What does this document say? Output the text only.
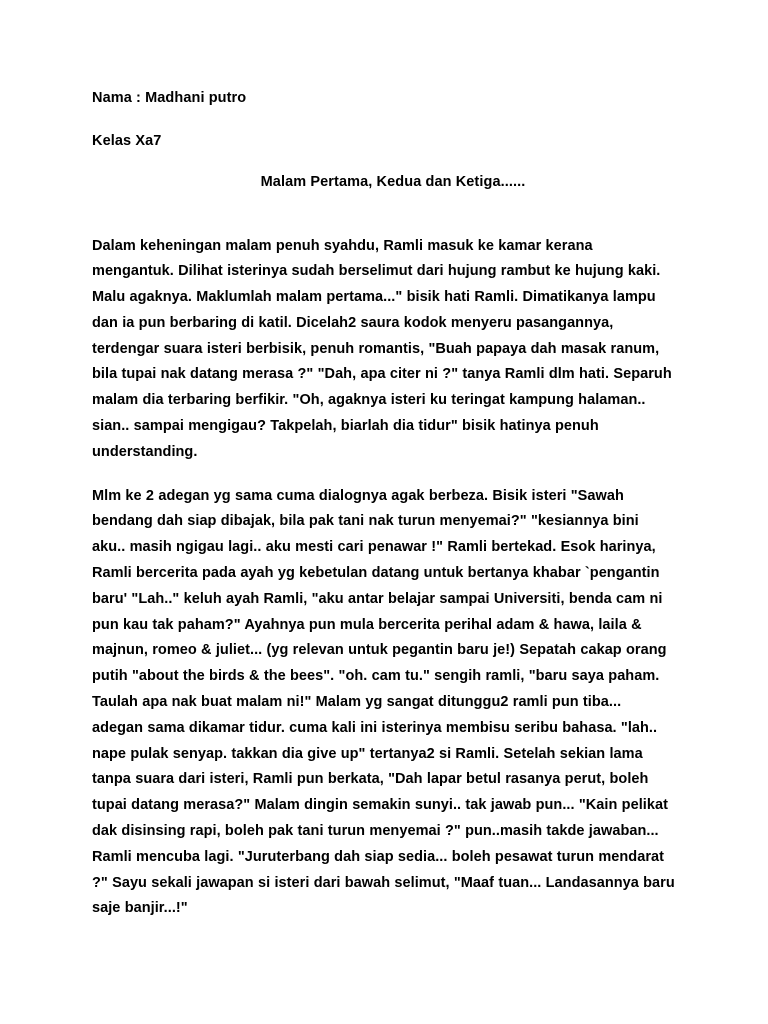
Nama : Madhani putro

Kelas Xa7

Malam Pertama, Kedua dan Ketiga......

Dalam keheningan malam penuh syahdu, Ramli masuk ke kamar kerana mengantuk. Dilihat isterinya sudah berselimut dari hujung rambut ke hujung kaki. Malu agaknya. Maklumlah malam pertama..." bisik hati Ramli. Dimatikanya lampu dan ia pun berbaring di katil. Dicelah2 saura kodok menyeru pasangannya, terdengar suara isteri berbisik, penuh romantis, "Buah papaya dah masak ranum, bila tupai nak datang merasa ?" "Dah, apa citer ni ?" tanya Ramli dlm hati. Separuh malam dia terbaring berfikir. "Oh, agaknya isteri ku teringat kampung halaman.. sian.. sampai mengigau? Takpelah, biarlah dia tidur" bisik hatinya penuh understanding.

Mlm ke 2 adegan yg sama cuma dialognya agak berbeza. Bisik isteri "Sawah bendang dah siap dibajak, bila pak tani nak turun menyemai?" "kesiannya bini aku.. masih ngigau lagi.. aku mesti cari penawar !" Ramli bertekad. Esok harinya, Ramli bercerita pada ayah yg kebetulan datang untuk bertanya khabar `pengantin baru' "Lah.." keluh ayah Ramli, "aku antar belajar sampai Universiti, benda cam ni pun kau tak paham?" Ayahnya pun mula bercerita perihal adam & hawa, laila & majnun, romeo & juliet... (yg relevan untuk pegantin baru je!) Sepatah cakap orang putih "about the birds & the bees". "oh. cam tu." sengih ramli, "baru saya paham. Taulah apa nak buat malam ni!" Malam yg sangat ditunggu2 ramli pun tiba... adegan sama dikamar tidur. cuma kali ini isterinya membisu seribu bahasa. "lah.. nape pulak senyap. takkan dia give up" tertanya2 si Ramli. Setelah sekian lama tanpa suara dari isteri, Ramli pun berkata, "Dah lapar betul rasanya perut, boleh tupai datang merasa?" Malam dingin semakin sunyi.. tak jawab pun... "Kain pelikat dak disinsing rapi, boleh pak tani turun menyemai ?" pun..masih takde jawaban... Ramli mencuba lagi. "Juruterbang dah siap sedia... boleh pesawat turun mendarat ?" Sayu sekali jawapan si isteri dari bawah selimut, "Maaf tuan... Landasannya baru saje banjir...!"
